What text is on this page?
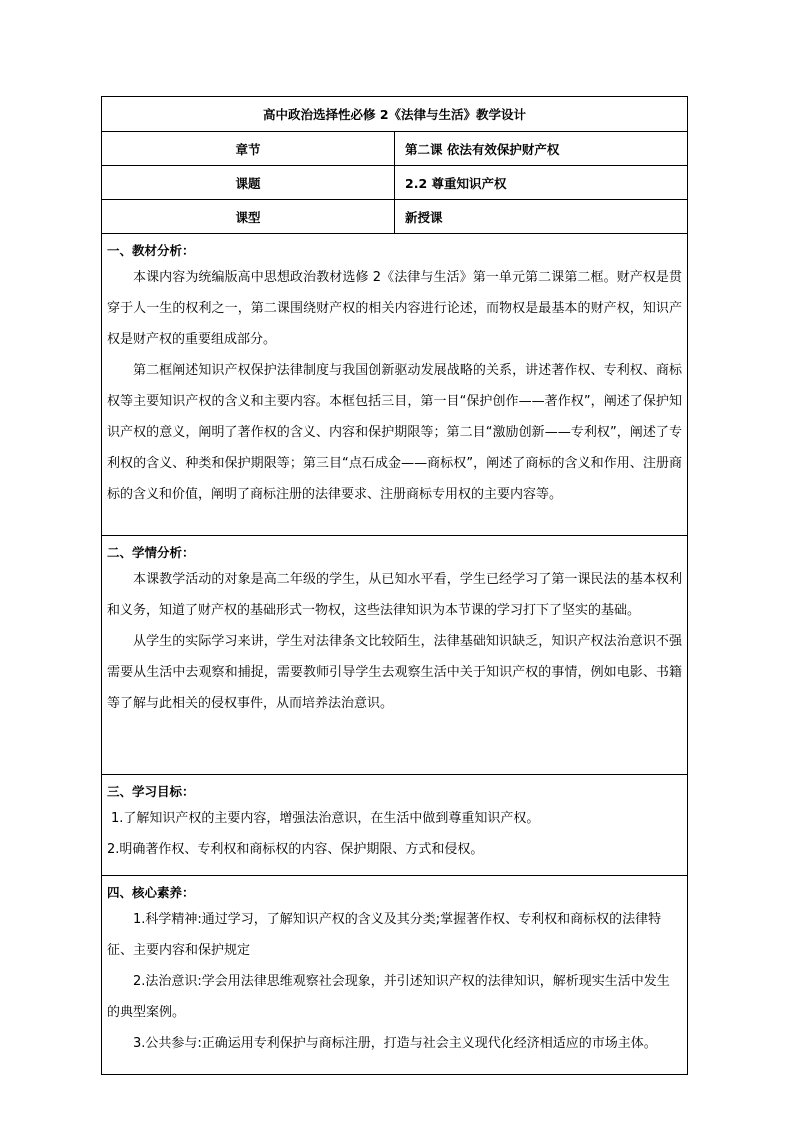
高中政治选择性必修 2《法律与生活》教学设计	
章节	第二课 依法有效保护财产权
课题	2.2 尊重知识产权
课型	新授课

一、教材分析：

本课内容为统编版高中思想政治教材选修 2《法律与生活》第一单元第二课第二框。财产权是贯穿于人一生的权利之一，第二课围绕财产权的相关内容进行论述，而物权是最基本的财产权，知识产权是财产权的重要组成部分。

第二框阐述知识产权保护法律制度与我国创新驱动发展战略的关系，讲述著作权、专利权、商标权等主要知识产权的含义和主要内容。本框包括三目，第一目“保护创作——著作权”，阐述了保护知识产权的意义，阐明了著作权的含义、内容和保护期限等；第二目“激励创新——专利权”，阐述了专利权的含义、种类和保护期限等；第三目“点石成金——商标权”，阐述了商标的含义和作用、注册商标的含义和价值，阐明了商标注册的法律要求、注册商标专用权的主要内容等。	

二、学情分析：

本课教学活动的对象是高二年级的学生，从已知水平看，学生已经学习了第一课民法的基本权利和义务，知道了财产权的基础形式一物权，这些法律知识为本节课的学习打下了坚实的基础。

从学生的实际学习来讲，学生对法律条文比较陌生，法律基础知识缺乏，知识产权法治意识不强需要从生活中去观察和捕捉，需要教师引导学生去观察生活中关于知识产权的事情，例如电影、书籍等了解与此相关的侵权事件，从而培养法治意识。	

三、学习目标：

1.了解知识产权的主要内容，增强法治意识，在生活中做到尊重知识产权。

2.明确著作权、专利权和商标权的内容、保护期限、方式和侵权。	

四、核心素养：

1.科学精神:通过学习，了解知识产权的含义及其分类;掌握著作权、专利权和商标权的法律特征、主要内容和保护规定

2.法治意识:学会用法律思维观察社会现象，并引述知识产权的法律知识，解析现实生活中发生的典型案例。

3.公共参与:正确运用专利保护与商标注册，打造与社会主义现代化经济相适应的市场主体。	
